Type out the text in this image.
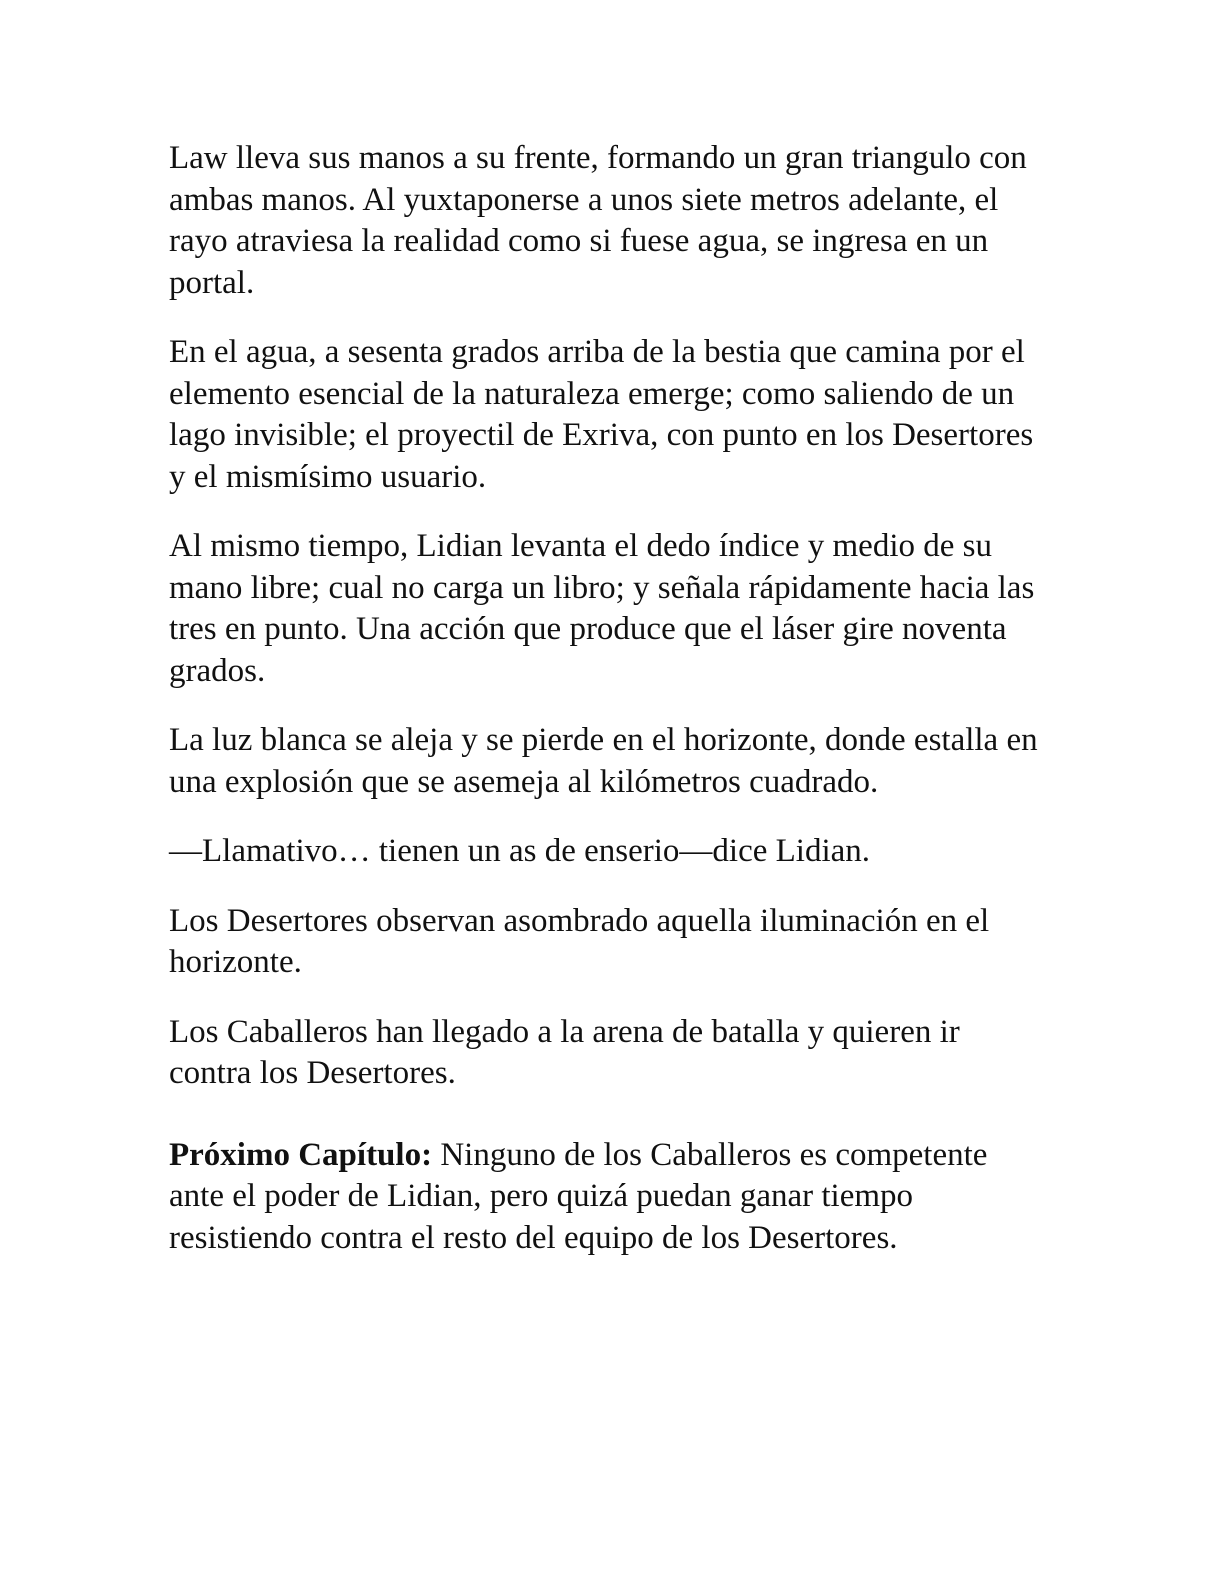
Law lleva sus manos a su frente, formando un gran triangulo con ambas manos. Al yuxtaponerse a unos siete metros adelante, el rayo atraviesa la realidad como si fuese agua, se ingresa en un portal.

En el agua, a sesenta grados arriba de la bestia que camina por el elemento esencial de la naturaleza emerge; como saliendo de un lago invisible; el proyectil de Exriva, con punto en los Desertores y el mismísimo usuario.

Al mismo tiempo, Lidian levanta el dedo índice y medio de su mano libre; cual no carga un libro; y señala rápidamente hacia las tres en punto. Una acción que produce que el láser gire noventa grados.

La luz blanca se aleja y se pierde en el horizonte, donde estalla en una explosión que se asemeja al kilómetros cuadrado.

—Llamativo… tienen un as de enserio—dice Lidian.

Los Desertores observan asombrado aquella iluminación en el horizonte.

Los Caballeros han llegado a la arena de batalla y quieren ir contra los Desertores.

Próximo Capítulo: Ninguno de los Caballeros es competente ante el poder de Lidian, pero quizá puedan ganar tiempo resistiendo contra el resto del equipo de los Desertores.
